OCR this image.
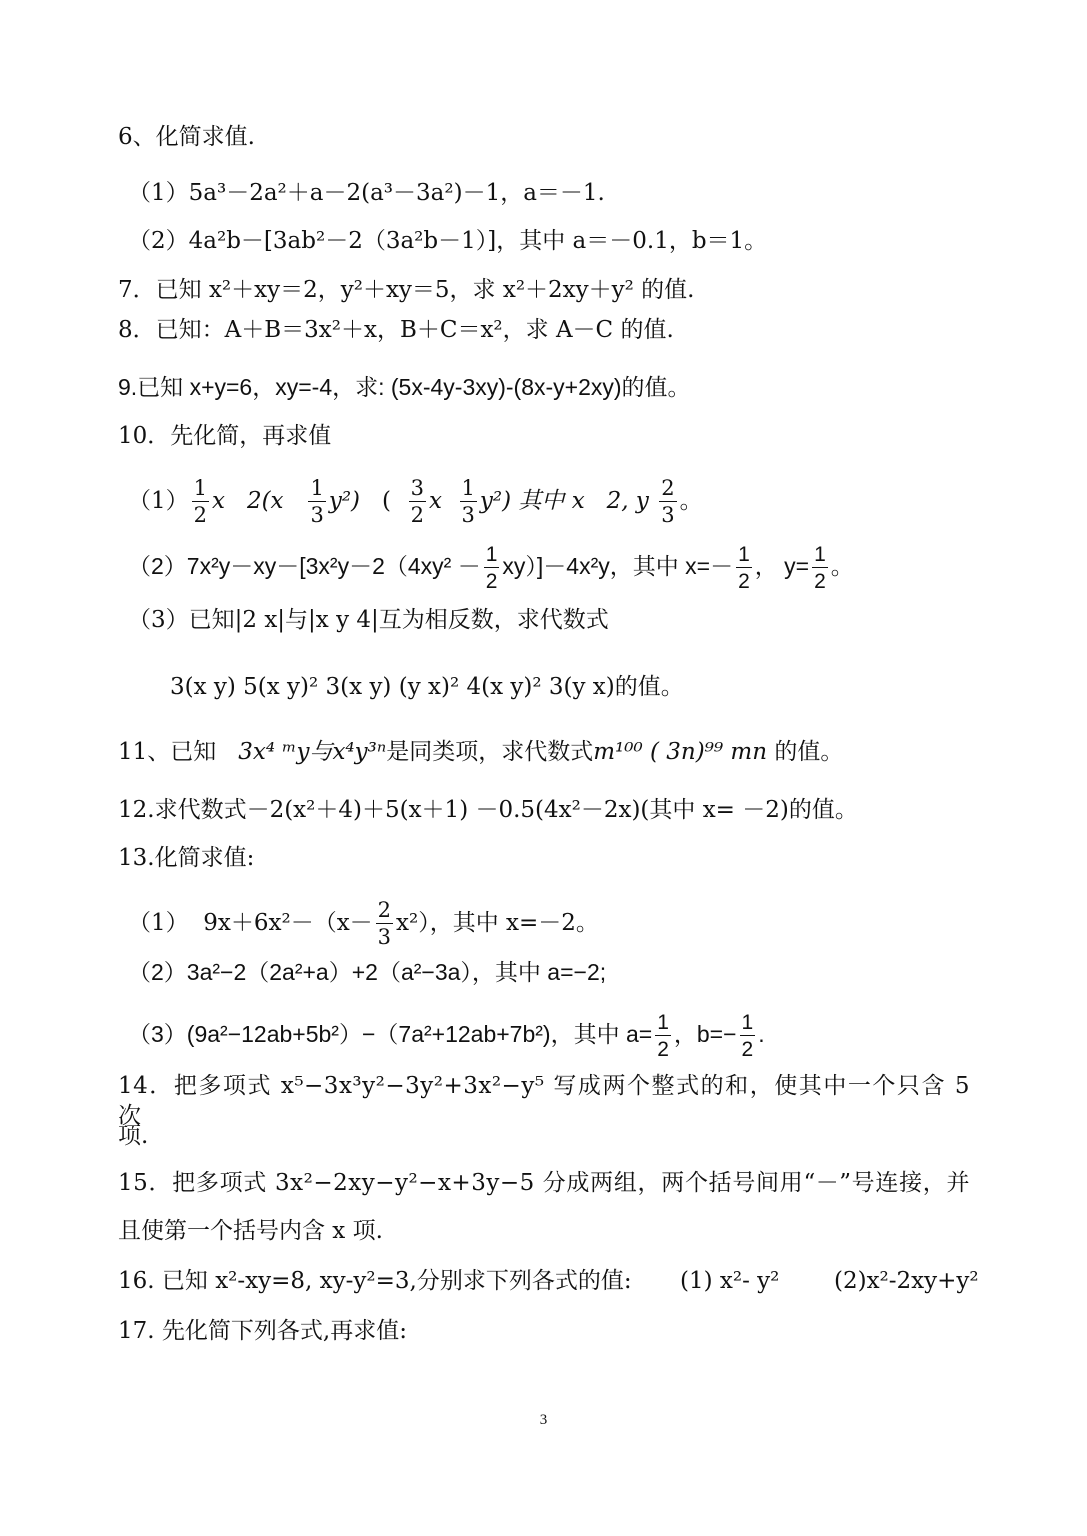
6、化简求值.
（1）5a³－2a²＋a－2(a³－3a²)－1，a＝－1.
（2）4a²b－[3ab²－2（3a²b－1）]，其中 a＝－0.1，b＝1。
7．已知 x²＋xy＝2，y²＋xy＝5，求 x²＋2xy＋y² 的值.
8．已知：A＋B＝3x²＋x，B＋C＝x²，求 A－C 的值.
9.已知 x+y=6，xy=-4，求: (5x-4y-3xy)-(8x-y+2xy)的值。
10．先化简，再求值
$(1) \frac{1}{2}$ x   $2(x \frac{1}{3} y^2)$   ( $\frac{3}{2}$ x $\frac{1}{3} y^2$) 其中 x   2, y $\frac{2}{3}$ 。
$(2)7x^2y-xy-[3x^2y-2(4xy^2 - \frac{1}{2} xy)]-4x^2y$，其中 $x=- \frac{1}{2}$ ， $y= \frac{1}{2}$ 。
（3）已知|2 x|与|x y 4|互为相反数，求代数式
3(x y) 5(x y)² 3(x y) (y x)² 4(x y)² 3(y x)的值。
11、已知 3x⁴ ᵐy与x⁴y³ⁿ是同类项，求代数式m¹⁰⁰ ( 3n)⁹⁹ mn 的值。
12.求代数式－2(x²＋4)＋5(x＋1) －0.5(4x²－2x)(其中 x= －2)的值。
13.化简求值:
（1） $9x+6x^2-(x- \frac{2}{3} x^2)$，其中 x=－2。
（2）3a²−2（2a²+a）+2（a²−3a），其中 a=−2;
（3）(9a²−12ab+5b²）−（7a²+12ab+7b²)，其中 $a= \frac{1}{2}$ ，$b=- \frac{1}{2}$ .
14．把多项式 x⁵−3x³y²−3y²+3x²−y⁵ 写成两个整式的和，使其中一个只含 5 次
项.
15．把多项式 3x²−2xy−y²−x+3y−5 分成两组，两个括号间用“－”号连接，并
且使第一个括号内含 x 项.
16. 已知 x²-xy=8, xy-y²=3,分别求下列各式的值: (1) x²- y² (2)x²-2xy+y²
17. 先化简下列各式,再求值:
3
